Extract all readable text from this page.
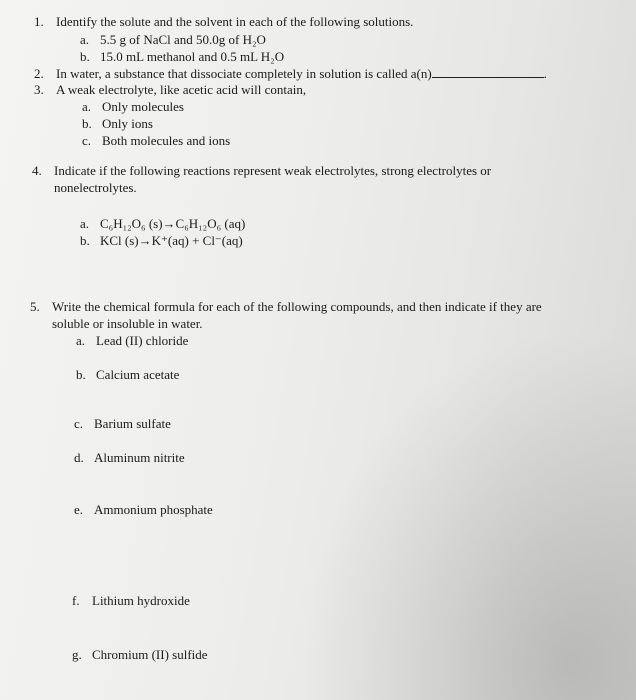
1. Identify the solute and the solvent in each of the following solutions.
a. 5.5 g of NaCl and 50.0g of H₂O
b. 15.0 mL methanol and 0.5 mL H₂O
2. In water, a substance that dissociate completely in solution is called a(n)	.
3. A weak electrolyte, like acetic acid will contain,
a. Only molecules
b. Only ions
c. Both molecules and ions
4. Indicate if the following reactions represent weak electrolytes, strong electrolytes or
nonelectrolytes.
a. C₆H₁₂O₆ (s)→C₆H₁₂O₆ (aq)
b. KCl (s)→K⁺(aq) + Cl⁻(aq)
5. Write the chemical formula for each of the following compounds, and then indicate if they are
soluble or insoluble in water.
a. Lead (II) chloride
b. Calcium acetate
c. Barium sulfate
d. Aluminum nitrite
e. Ammonium phosphate
f. Lithium hydroxide
g. Chromium (II) sulfide
